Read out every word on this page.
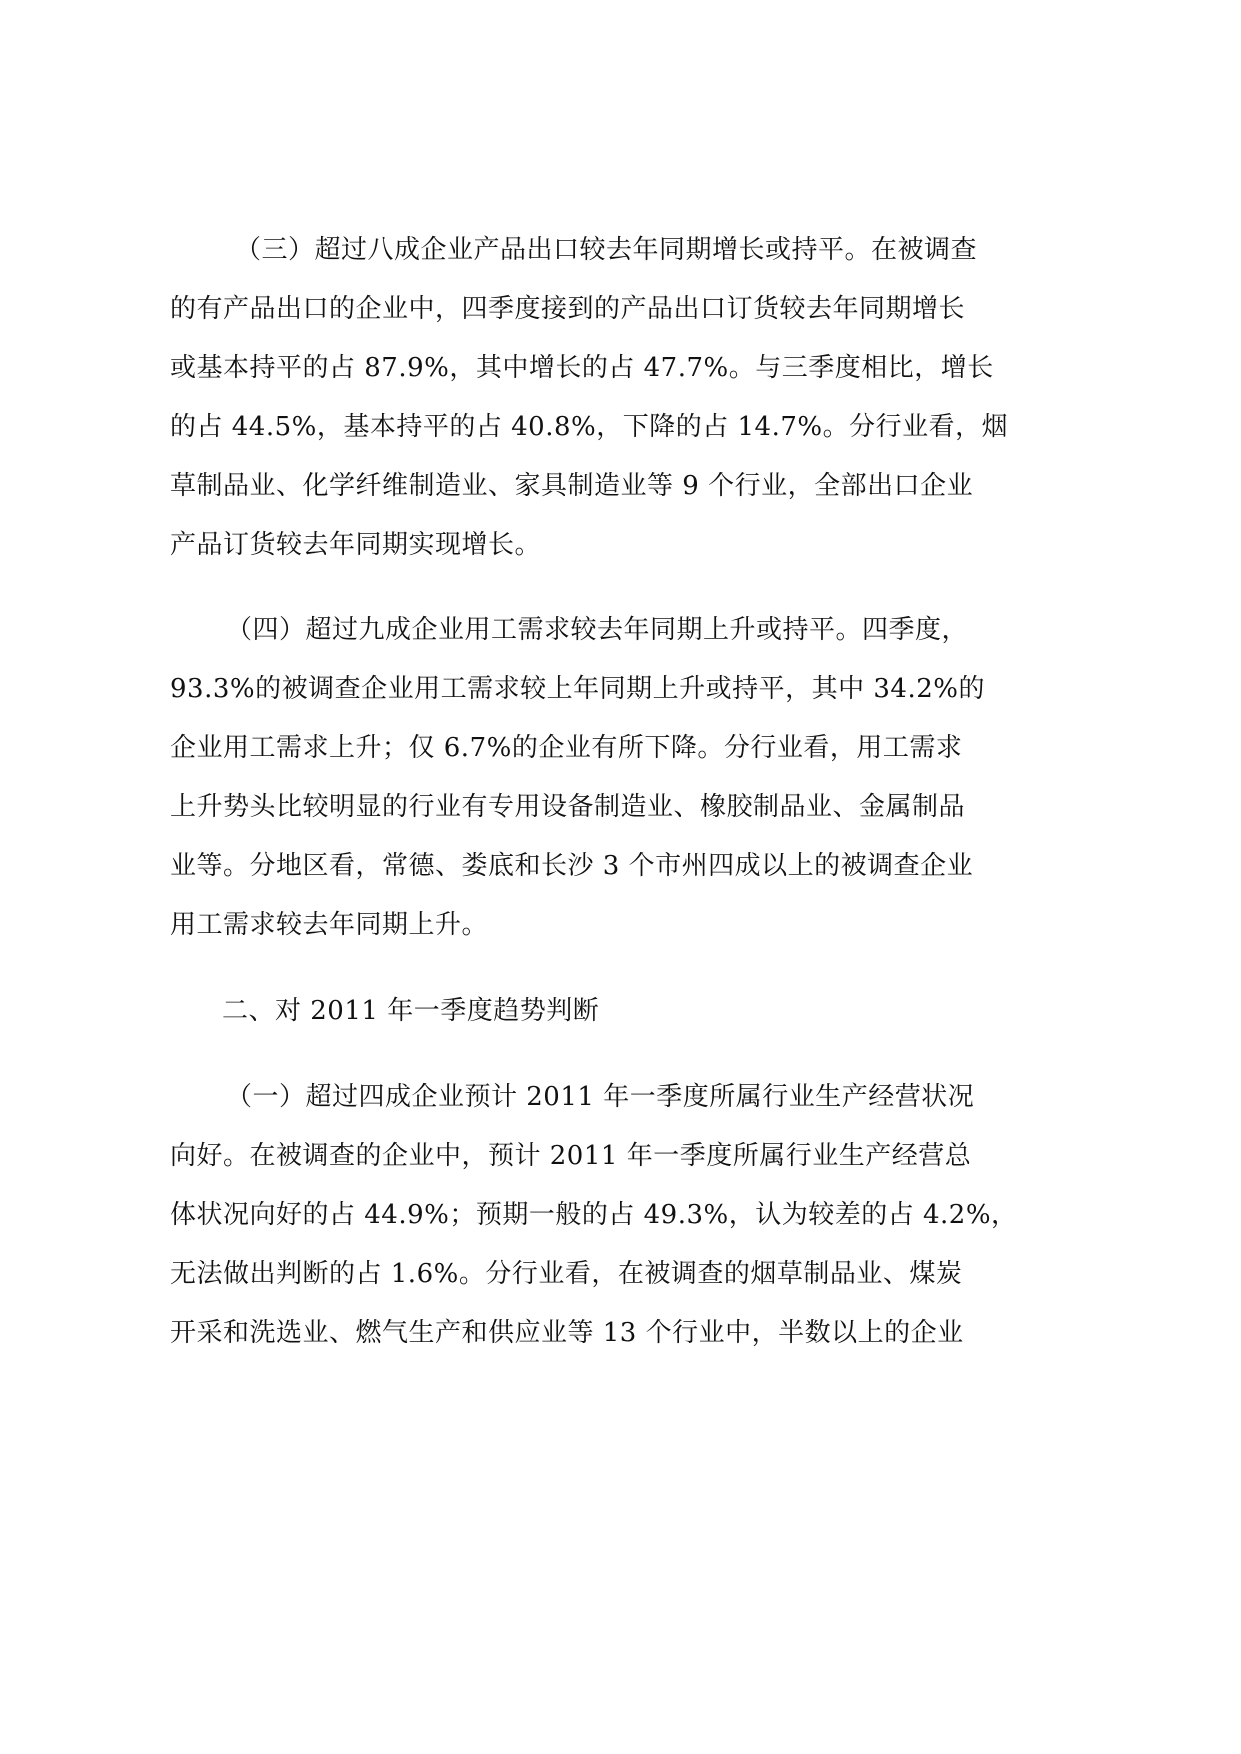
（三）超过八成企业产品出口较去年同期增长或持平。在被调查
的有产品出口的企业中，四季度接到的产品出口订货较去年同期增长
或基本持平的占 87.9%，其中增长的占 47.7%。与三季度相比，增长
的占 44.5%，基本持平的占 40.8%，下降的占 14.7%。分行业看，烟
草制品业、化学纤维制造业、家具制造业等 9 个行业，全部出口企业
产品订货较去年同期实现增长。
（四）超过九成企业用工需求较去年同期上升或持平。四季度，
93.3%的被调查企业用工需求较上年同期上升或持平，其中 34.2%的
企业用工需求上升；仅 6.7%的企业有所下降。分行业看，用工需求
上升势头比较明显的行业有专用设备制造业、橡胶制品业、金属制品
业等。分地区看，常德、娄底和长沙 3 个市州四成以上的被调查企业
用工需求较去年同期上升。
二、对 2011 年一季度趋势判断
（一）超过四成企业预计 2011 年一季度所属行业生产经营状况
向好。在被调查的企业中，预计 2011 年一季度所属行业生产经营总
体状况向好的占 44.9%；预期一般的占 49.3%，认为较差的占 4.2%，
无法做出判断的占 1.6%。分行业看，在被调查的烟草制品业、煤炭
开采和洗选业、燃气生产和供应业等 13 个行业中，半数以上的企业
